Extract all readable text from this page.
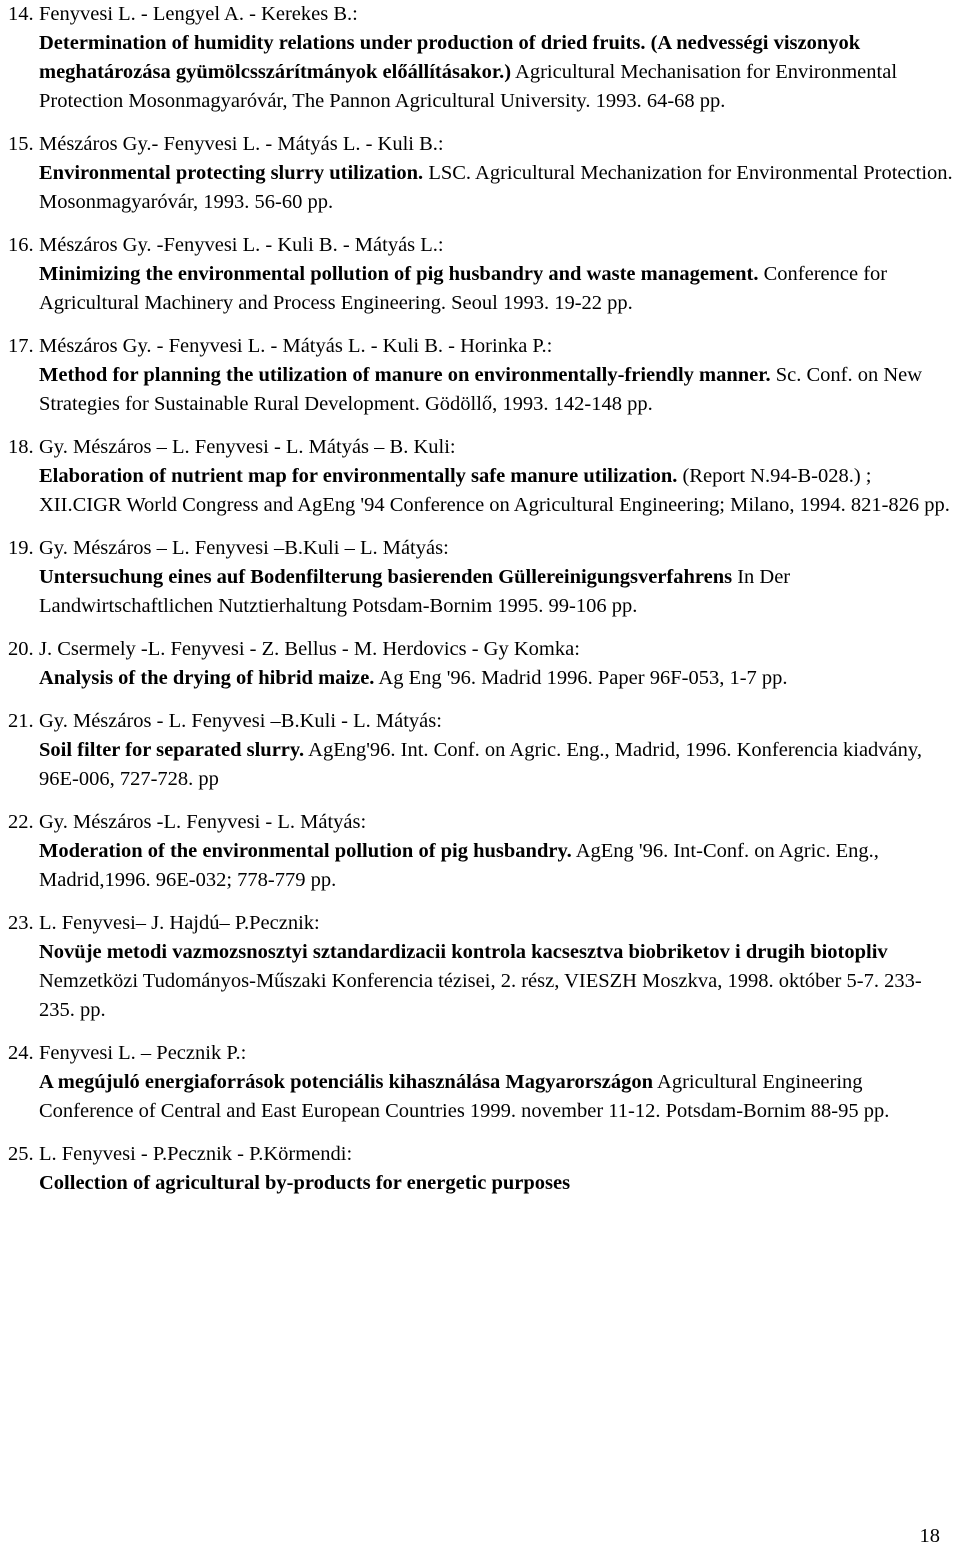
14. Fenyvesi L. - Lengyel A. - Kerekes B.:
Determination of humidity relations under production of dried fruits. (A nedvességi viszonyok meghatározása gyümölcsszárítmányok előállításakor.) Agricultural Mechanisation for Environmental Protection Mosonmagyaróvár, The Pannon Agricultural University. 1993. 64-68 pp.
15. Mészáros Gy.- Fenyvesi L. - Mátyás L. - Kuli B.:
Environmental protecting slurry utilization. LSC. Agricultural Mechanization for Environmental Protection. Mosonmagyaróvár, 1993. 56-60 pp.
16. Mészáros Gy. -Fenyvesi L. - Kuli B. - Mátyás L.:
Minimizing the environmental pollution of pig husbandry and waste management. Conference for Agricultural Machinery and Process Engineering. Seoul 1993. 19-22 pp.
17. Mészáros Gy. - Fenyvesi L. - Mátyás L. - Kuli B. - Horinka P.:
Method for planning the utilization of manure on environmentally-friendly manner. Sc. Conf. on New Strategies for Sustainable Rural Development. Gödöllő, 1993. 142-148 pp.
18. Gy. Mészáros – L. Fenyvesi - L. Mátyás – B. Kuli:
Elaboration of nutrient map for environmentally safe manure utilization. (Report N.94-B-028.) ; XII.CIGR World Congress and AgEng '94 Conference on Agricultural Engineering; Milano, 1994. 821-826 pp.
19. Gy. Mészáros – L. Fenyvesi –B.Kuli – L. Mátyás:
Untersuchung eines auf Bodenfilterung basierenden Güllereinigungsverfahrens In Der Landwirtschaftlichen Nutztierhaltung Potsdam-Bornim 1995. 99-106 pp.
20. J. Csermely -L. Fenyvesi - Z. Bellus - M. Herdovics - Gy Komka:
Analysis of the drying of hibrid maize. Ag Eng '96. Madrid 1996. Paper 96F-053, 1-7 pp.
21. Gy. Mészáros - L. Fenyvesi –B.Kuli - L. Mátyás:
Soil filter for separated slurry. AgEng'96. Int. Conf. on Agric. Eng., Madrid, 1996. Konferencia kiadvány, 96E-006, 727-728. pp
22. Gy. Mészáros -L. Fenyvesi - L. Mátyás:
Moderation of the environmental pollution of pig husbandry. AgEng '96. Int-Conf. on Agric. Eng., Madrid,1996. 96E-032; 778-779 pp.
23. L. Fenyvesi– J. Hajdú– P.Pecznik:
Novüje metodi vazmozsnosztyi sztandardizacii kontrola kacsesztva biobriketov i drugih biotopliv Nemzetközi Tudományos-Műszaki Konferencia tézisei, 2. rész, VIESZH Moszkva, 1998. október 5-7. 233-235. pp.
24. Fenyvesi L. – Pecznik P.:
A megújuló energiaforrások potenciális kihasználása Magyarországon Agricultural Engineering Conference of Central and East European Countries 1999. november 11-12. Potsdam-Bornim 88-95 pp.
25. L. Fenyvesi - P.Pecznik - P.Körmendi:
Collection of agricultural by-products for energetic purposes
18
